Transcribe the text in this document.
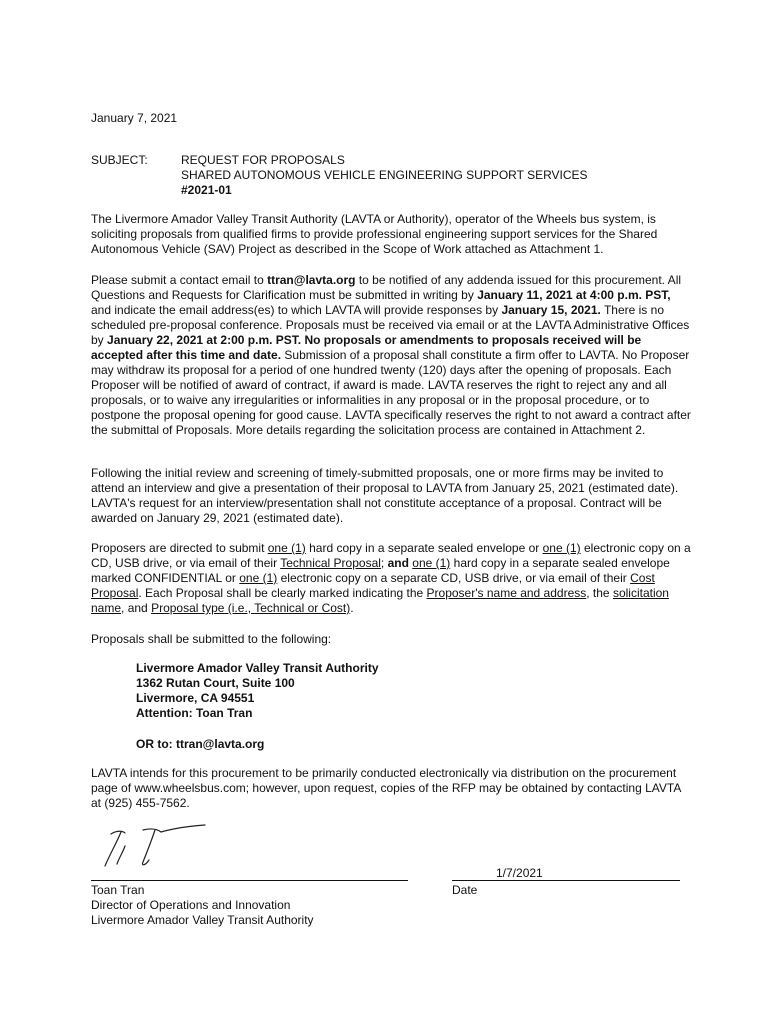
January 7, 2021
SUBJECT:	REQUEST FOR PROPOSALS
SHARED AUTONOMOUS VEHICLE ENGINEERING SUPPORT SERVICES
#2021-01
The Livermore Amador Valley Transit Authority (LAVTA or Authority), operator of the Wheels bus system, is soliciting proposals from qualified firms to provide professional engineering support services for the Shared Autonomous Vehicle (SAV) Project as described in the Scope of Work attached as Attachment 1.
Please submit a contact email to ttran@lavta.org to be notified of any addenda issued for this procurement. All Questions and Requests for Clarification must be submitted in writing by January 11, 2021 at 4:00 p.m. PST, and indicate the email address(es) to which LAVTA will provide responses by January 15, 2021. There is no scheduled pre-proposal conference. Proposals must be received via email or at the LAVTA Administrative Offices by January 22, 2021 at 2:00 p.m. PST. No proposals or amendments to proposals received will be accepted after this time and date. Submission of a proposal shall constitute a firm offer to LAVTA. No Proposer may withdraw its proposal for a period of one hundred twenty (120) days after the opening of proposals. Each Proposer will be notified of award of contract, if award is made. LAVTA reserves the right to reject any and all proposals, or to waive any irregularities or informalities in any proposal or in the proposal procedure, or to postpone the proposal opening for good cause. LAVTA specifically reserves the right to not award a contract after the submittal of Proposals. More details regarding the solicitation process are contained in Attachment 2.
Following the initial review and screening of timely-submitted proposals, one or more firms may be invited to attend an interview and give a presentation of their proposal to LAVTA from January 25, 2021 (estimated date). LAVTA's request for an interview/presentation shall not constitute acceptance of a proposal. Contract will be awarded on January 29, 2021 (estimated date).
Proposers are directed to submit one (1) hard copy in a separate sealed envelope or one (1) electronic copy on a CD, USB drive, or via email of their Technical Proposal; and one (1) hard copy in a separate sealed envelope marked CONFIDENTIAL or one (1) electronic copy on a separate CD, USB drive, or via email of their Cost Proposal. Each Proposal shall be clearly marked indicating the Proposer's name and address, the solicitation name, and Proposal type (i.e., Technical or Cost).
Proposals shall be submitted to the following:
Livermore Amador Valley Transit Authority
1362 Rutan Court, Suite 100
Livermore, CA 94551
Attention: Toan Tran
OR to: ttran@lavta.org
LAVTA intends for this procurement to be primarily conducted electronically via distribution on the procurement page of www.wheelsbus.com; however, upon request, copies of the RFP may be obtained by contacting LAVTA at (925) 455-7562.
1/7/2021
Date
Toan Tran
Director of Operations and Innovation
Livermore Amador Valley Transit Authority
